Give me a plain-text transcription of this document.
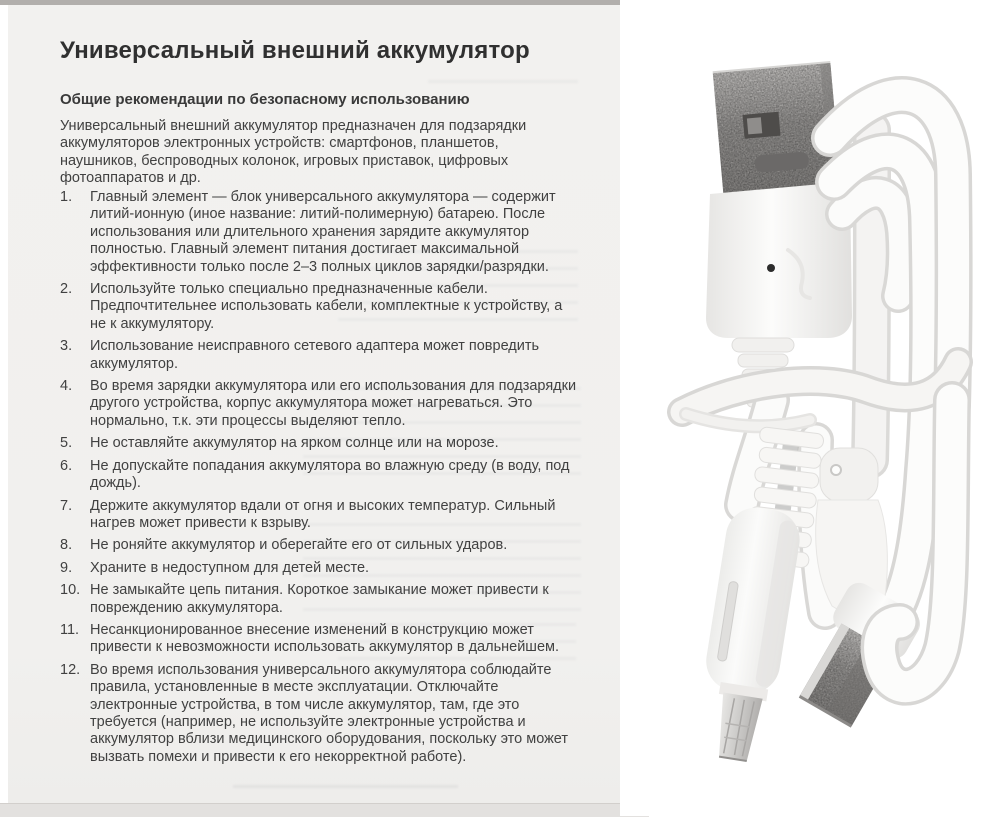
Универсальный внешний аккумулятор
Общие рекомендации по безопасному использованию
Универсальный внешний аккумулятор предназначен для подзарядки аккумуляторов электронных устройств: смартфонов, планшетов, наушников, беспроводных колонок, игровых приставок, цифровых фотоаппаратов и др.
1.	Главный элемент — блок универсального аккумулятора — содержит литий-ионную (иное название: литий-полимерную) батарею. После использования или длительного хранения зарядите аккумулятор полностью. Главный элемент питания достигает максимальной эффективности только после 2–3 полных циклов зарядки/разрядки.
2.	Используйте только специально предназначенные кабели. Предпочтительнее использовать кабели, комплектные к устройству, а не к аккумулятору.
3.	Использование неисправного сетевого адаптера может повредить аккумулятор.
4.	Во время зарядки аккумулятора или его использования для подзарядки другого устройства, корпус аккумулятора может нагреваться. Это нормально, т.к. эти процессы выделяют тепло.
5.	Не оставляйте аккумулятор на ярком солнце или на морозе.
6.	Не допускайте попадания аккумулятора во влажную среду (в воду, под дождь).
7.	Держите аккумулятор вдали от огня и высоких температур. Сильный нагрев может привести к взрыву.
8.	Не роняйте аккумулятор и оберегайте его от сильных ударов.
9.	Храните в недоступном для детей месте.
10. Не замыкайте цепь питания. Короткое замыкание может привести к повреждению аккумулятора.
11. Несанкционированное внесение изменений в конструкцию может привести к невозможности использовать аккумулятор в дальнейшем.
12. Во время использования универсального аккумулятора соблюдайте правила, установленные в месте эксплуатации. Отключайте электронные устройства, в том числе аккумулятор, там, где это требуется (например, не используйте электронные устройства и аккумулятор вблизи медицинского оборудования, поскольку это может вызвать помехи и привести к его некорректной работе).
